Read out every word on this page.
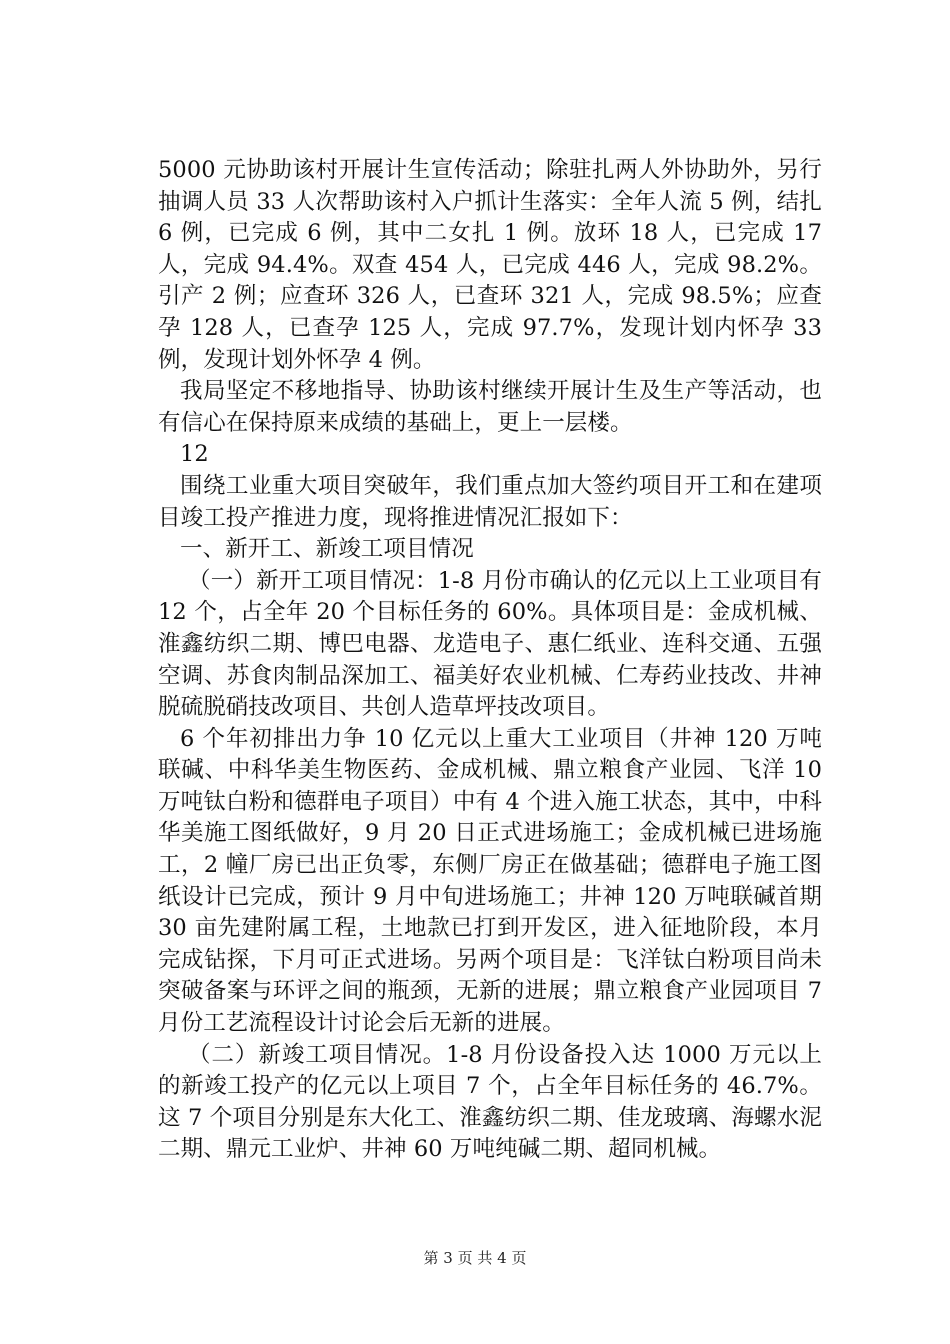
5000 元协助该村开展计生宣传活动；除驻扎两人外协助外，另行抽调人员 33 人次帮助该村入户抓计生落实：全年人流 5 例，结扎 6 例，已完成 6 例，其中二女扎 1 例。放环 18 人，已完成 17 人，完成 94.4%。双查 454 人，已完成 446 人，完成 98.2%。引产 2 例；应查环 326 人，已查环 321 人，完成 98.5%；应查孕 128 人，已查孕 125 人，完成 97.7%，发现计划内怀孕 33 例，发现计划外怀孕 4 例。

我局坚定不移地指导、协助该村继续开展计生及生产等活动，也有信心在保持原来成绩的基础上，更上一层楼。

12

围绕工业重大项目突破年，我们重点加大签约项目开工和在建项目竣工投产推进力度，现将推进情况汇报如下：

一、新开工、新竣工项目情况

（一）新开工项目情况：1-8 月份市确认的亿元以上工业项目有 12 个，占全年 20 个目标任务的 60%。具体项目是：金成机械、淮鑫纺织二期、博巴电器、龙造电子、惠仁纸业、连科交通、五强空调、苏食肉制品深加工、福美好农业机械、仁寿药业技改、井神脱硫脱硝技改项目、共创人造草坪技改项目。

6 个年初排出力争 10 亿元以上重大工业项目（井神 120 万吨联碱、中科华美生物医药、金成机械、鼎立粮食产业园、飞洋 10 万吨钛白粉和德群电子项目）中有 4 个进入施工状态，其中，中科华美施工图纸做好，9 月 20 日正式进场施工；金成机械已进场施工，2 幢厂房已出正负零，东侧厂房正在做基础；德群电子施工图纸设计已完成，预计 9 月中旬进场施工；井神 120 万吨联碱首期 30 亩先建附属工程，土地款已打到开发区，进入征地阶段，本月完成钻探，下月可正式进场。另两个项目是：飞洋钛白粉项目尚未突破备案与环评之间的瓶颈，无新的进展；鼎立粮食产业园项目 7 月份工艺流程设计讨论会后无新的进展。

（二）新竣工项目情况。1-8 月份设备投入达 1000 万元以上的新竣工投产的亿元以上项目 7 个，占全年目标任务的 46.7%。这 7 个项目分别是东大化工、淮鑫纺织二期、佳龙玻璃、海螺水泥二期、鼎元工业炉、井神 60 万吨纯碱二期、超同机械。

第 3 页 共 4 页
